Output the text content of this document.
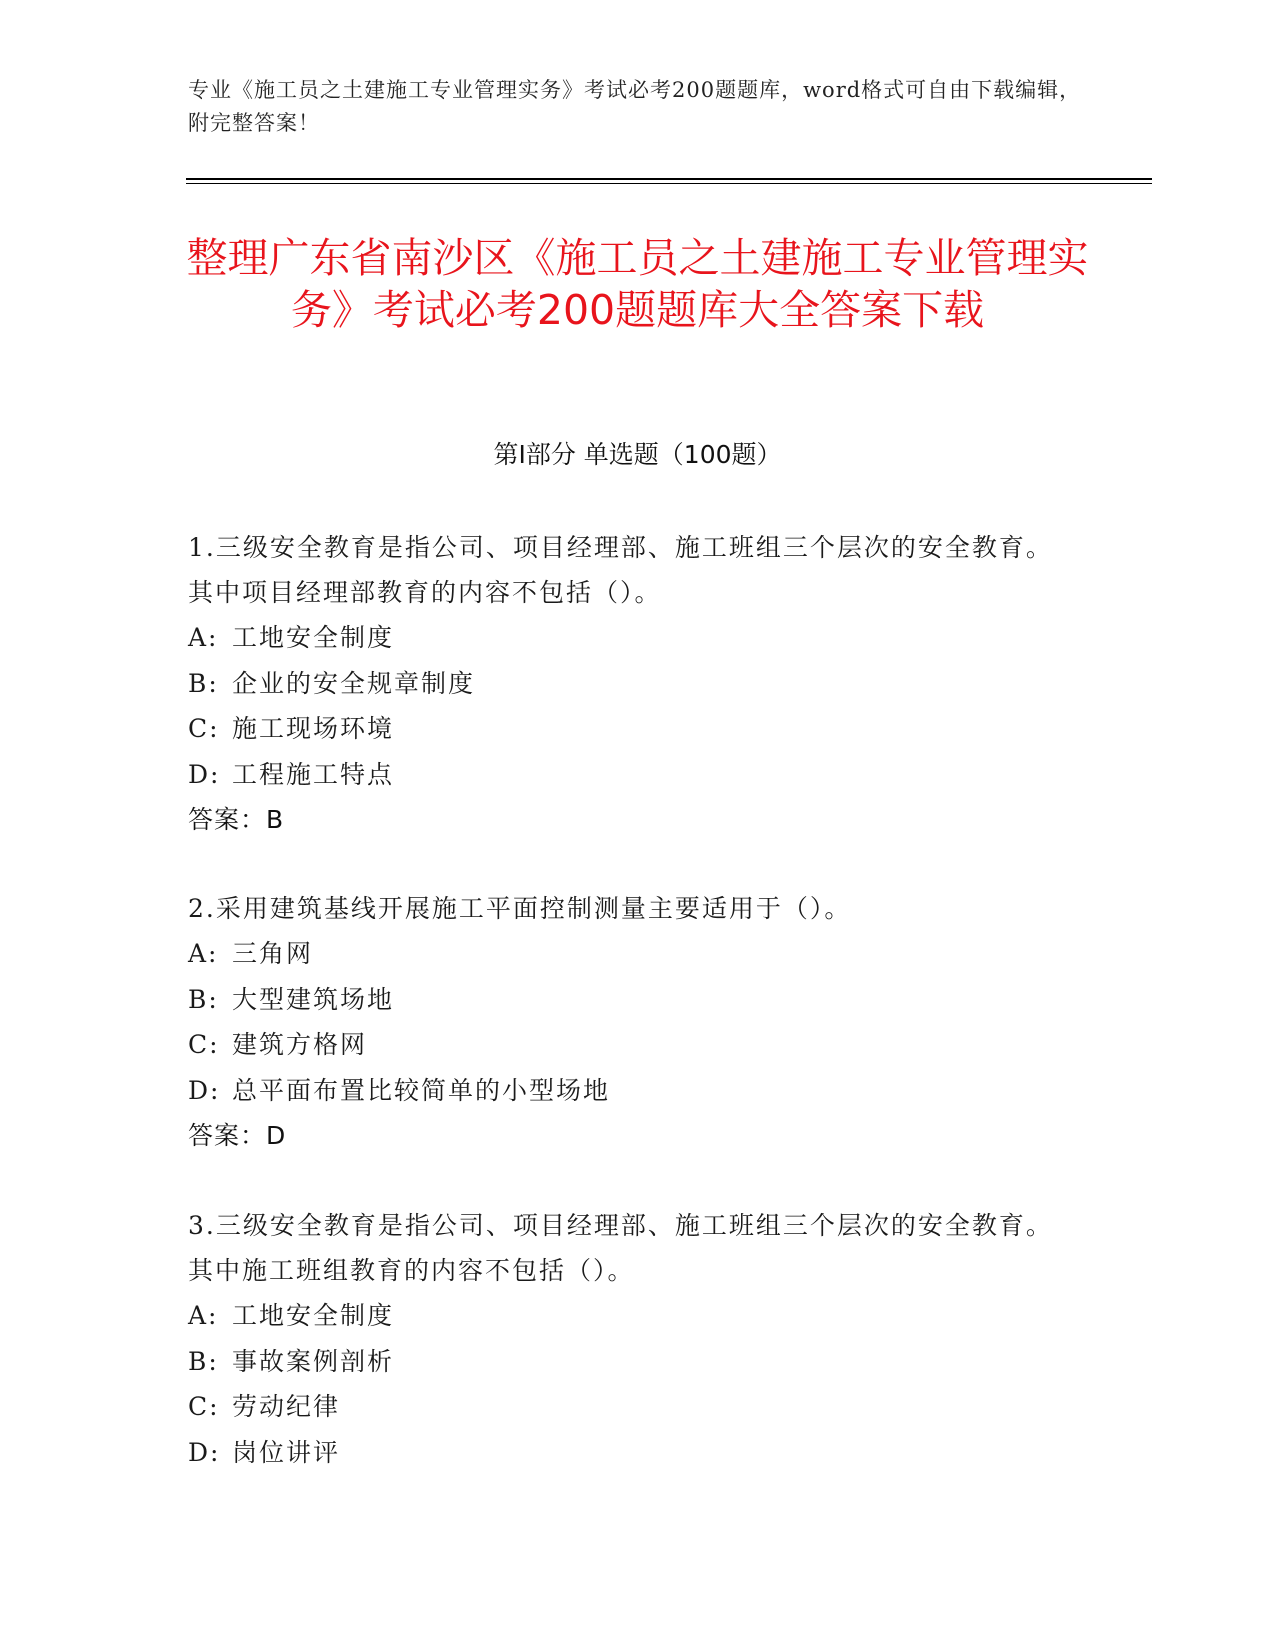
专业《施工员之土建施工专业管理实务》考试必考200题题库，word格式可自由下载编辑，附完整答案！
整理广东省南沙区《施工员之土建施工专业管理实务》考试必考200题题库大全答案下载
第Ⅰ部分 单选题（100题）
1.三级安全教育是指公司、项目经理部、施工班组三个层次的安全教育。其中项目经理部教育的内容不包括（）。
A: 工地安全制度
B: 企业的安全规章制度
C: 施工现场环境
D: 工程施工特点
答案：B
2.采用建筑基线开展施工平面控制测量主要适用于（）。
A: 三角网
B: 大型建筑场地
C: 建筑方格网
D: 总平面布置比较简单的小型场地
答案：D
3.三级安全教育是指公司、项目经理部、施工班组三个层次的安全教育。其中施工班组教育的内容不包括（）。
A: 工地安全制度
B: 事故案例剖析
C: 劳动纪律
D: 岗位讲评
